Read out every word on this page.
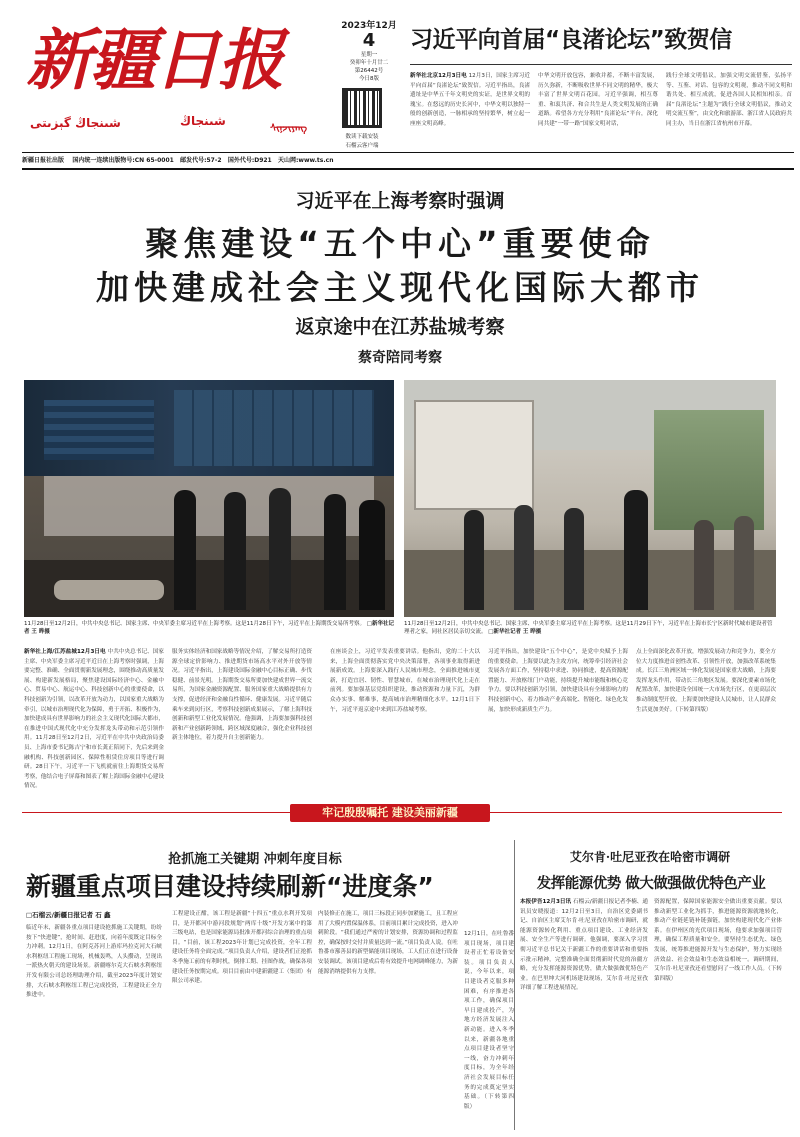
新疆日报
شىنجاڭ گېزىتى	ﺷﯩﻨﺠﺎڭ
ᠰᠢᠨ᠋ᠵᠢᠶᠠᠩ
2023年12月
4
星期一
癸卯年十月廿二
第26442号
今日8版
数读下载安装
石榴云客户端
习近平向首届“良渚论坛”致贺信
新华社北京12月3日电 12月3日，国家主席习近平向首届“良渚论坛”致贺信。习近平指出，良渚遗址是中华五千年文明史的实证，是世界文明的瑰宝。在悠远的历史长河中，中华文明以独特一般的创新创造，一脉相承的坚持繁华，树立起一座座文明高峰。
中华文明开放包容，兼收并蓄，不断丰富发展，历久弥新，不断吸收世界不同文明的精华，极大丰富了世界文明百花园。习近平强调，相互尊重、和衷共济、和合共生是人类文明发展的正确道路。希望各方充分利用“良渚论坛”平台，深化同共建“一带一路”国家文明对话，
践行全球文明倡议，加强文明交流借鉴，弘扬平等、互鉴、对话、包容的文明观，推动不同文明和谐共处、相互成就，促进各国人民相知相亲。首届“良渚论坛”主题为“践行全球文明倡议，推动文明交流互鉴”，由文化和旅游部、浙江省人民政府共同主办，当日在浙江省杭州市开幕。
新疆日报社出版 国内统一连续出版物号:CN 65-0001 邮发代号:57-2 国外代号:D921 天山网:www.ts.cn
习近平在上海考察时强调
聚焦建设“五个中心”重要使命
加快建成社会主义现代化国际大都市
返京途中在江苏盐城考察
蔡奇陪同考察
11月28日至12月2日，中共中央总书记、国家主席、中央军委主席习近平在上海考察。这是11月28日下午，习近平在上海期货交易所考察。 □新华社记者 王 晔摄
11月28日至12月2日，中共中央总书记、国家主席、中央军委主席习近平在上海考察。这是11月29日下午，习近平在上海市长宁区新时代城市建设者管理者之家，同社区居民亲切交流。 □新华社记者 王 晔摄
新华社上海/江苏盐城12月3日电 中共中央总书记、国家主席、中央军委主席习近平近日在上海考察时强调，上海要完整、准确、全面贯彻新发展理念，围绕推动高质量发展、构建新发展格局，聚焦建设国际经济中心、金融中心、贸易中心、航运中心、科技创新中心的重要使命，以科技创新为引领，以改革开放为动力，以国家重大战略为牵引，以城市治理现代化为保障，勇于开拓、积极作为，加快建成具有世界影响力的社会主义现代化国际大都市，在推进中国式现代化中充分发挥龙头带动和示范引领作用。11月28日至12月2日，习近平在中共中央政治局委员、上海市委书记陈吉宁和市长龚正陪同下，先后来到金融机构、科技创新园区、保障性租赁住房项目等进行调研。28日下午，习近平一下飞机就前往上海期货交易所考察，他结合电子屏幕和图表了解上海国际金融中心建设情况。
服务实体经济和国家战略等情况介绍，了解交易所打造资源全球定价影响力、推进期货市场高水平对外开放等情况。习近平指出，上海建设国际金融中心目标正确、步伐稳健、前景光明。上海期货交易所要加快建成世界一流交易所，为国家金融资源配置、服务国家重大战略提供有力支撑，促进经济和金融良性循环、健康发展。习近平随后乘车来到闵行区，考察科技创新成果展示，了解上海科技创新和新型工业化发展情况。他强调，上海要加强科技创新和产业创新跨领域、跨区域深度融合，强化企业科技创新主体地位，着力提升自主创新能力。
在座谈会上，习近平发表重要讲话。他指出，党的二十大以来，上海全面贯彻落实党中央决策部署，各项事业取得新进展新成效。上海要深入践行人民城市理念，全面推进城市更新，打造宜居、韧性、智慧城市，在城市治理现代化上走在前列。要加强基层党组织建设，推动资源和力量下沉，为群众办实事、解难事，提高城市治理精细化水平。12月1日下午，习近平返京途中来到江苏盐城考察。
习近平指出，加快建设“五个中心”，是党中央赋予上海的重要使命。上海要以此为主攻方向，统筹牵引经济社会发展各方面工作，坚持稳中求进、协同推进，提高资源配置能力、开放枢纽门户功能，持续提升城市能级和核心竞争力。要以科技创新为引领，加快建设具有全球影响力的科技创新中心，着力推动产业高端化、智能化、绿色化发展，加快形成新质生产力。
点上全面深化改革开放，增强发展动力和竞争力，要全方位大力度推进首创性改革、引领性开放，加强改革系统集成。长江三角洲区域一体化发展是国家重大战略，上海要发挥龙头作用，带动长三角地区发展。要深化要素市场化配置改革，加快建设全国统一大市场先行区，在更高层次推动制度型开放。上海要加快建设人民城市，让人民群众生活更加美好。（下转第四版）
牢记殷殷嘱托 建设美丽新疆
抢抓施工关键期 冲刺年度目标
新疆重点项目建设持续刷新“进度条”
□石榴云/新疆日报记者 石 鑫
临近年末，新疆各重点项目建设抢抓施工关键期，纷纷按下“快进键”，抢时间、赶进度，向着年度既定目标全力冲刺。12月1日，在阿克苏河上游库玛拉克河大石峡水利枢纽工程施工现场，机械轰鸣，人头攒动，呈现出一派热火朝天的建设场景。新疆喀尔克大石峡水利枢纽开发有限公司总经理助理介绍，截至2023年度计划安排，大石峡水利枢纽工程已完成投资，工程建设正全力推进中。
工程建设正酣，该工程是新疆“十四五”重点水利开发项目，是开都河中游河段规划“两库十级”开发方案中的第三级电站，也是国家能源局批准开都河综合治理的重点项目。“目前，该工程2023年计划已完成投资，全年工程建设任务将全面完成。”项目负责人介绍，建设者们正抢抓冬季施工前的有利时机，倒排工期、挂图作战，确保各项建设任务按期完成。项目目前由中建新疆建工（集团）有限公司承建。
内装修正在施工，项目三标段正同步加紧施工，且工程应用了大模内置保温体系，目前项目累计完成投资，进入冲刺阶段。“我们通过严密的计划安排，资源协调和过程监控，确保按时交付并质量达到一流。”项目负责人说。在吐鲁番市鄯善县的新型储能项目现场，工人们正在进行设备安装调试。该项目建成后将有效提升电网调峰能力，为新能源消纳提供有力支撑。
12月1日，在吐鲁番项目现场，项目建设者正忙着设备安装。项目负责人说，今年以来，项目建设者克服多种困难，有序推进各项工作，确保项目早日建成投产，为地方经济发展注入新动能。进入冬季以来，新疆各地重点项目建设者坚守一线，奋力冲刺年度目标，为全年经济社会发展目标任务的完成奠定坚实基础。（下转第四版）
艾尔肯·吐尼亚孜在哈密市调研
发挥能源优势 做大做强做优特色产业
本报伊吾12月3日讯 石榴云/新疆日报记者李楠、通讯员安晓报道：12月2日至3日，自治区党委副书记、自治区主席艾尔肯·吐尼亚孜在哈密市调研，就能源资源转化利用、重点项目建设、工业经济发展、安全生产等进行调研。他强调，要深入学习贯彻习近平总书记关于新疆工作的重要讲话和重要指示批示精神，完整准确全面贯彻新时代党的治疆方略，充分发挥能源资源优势，做大做强做优特色产业。在巴里坤大河机场建设现场，艾尔肯·吐尼亚孜详细了解工程进展情况。
资源配置，保障国家能源安全做出重要贡献。要以推动新型工业化为抓手，推进能源资源就地转化，推动产业链延链补链强链，加快构建现代化产业体系。在伊州区的光伏项目现场，他要求加强项目管理，确保工程质量和安全。要坚持生态优先、绿色发展，统筹推进能源开发与生态保护，努力实现经济效益、社会效益和生态效益相统一。调研期间，艾尔肯·吐尼亚孜还看望慰问了一线工作人员。（下转第四版）
